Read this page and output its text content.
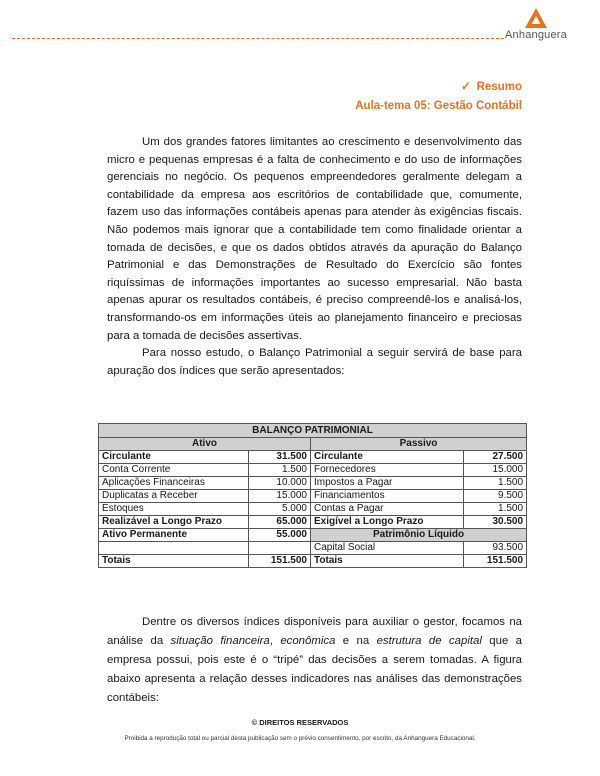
Anhanguera
✓ Resumo
Aula-tema 05: Gestão Contábil

Um dos grandes fatores limitantes ao crescimento e desenvolvimento das micro e pequenas empresas é a falta de conhecimento e do uso de informações gerenciais no negócio. Os pequenos empreendedores geralmente delegam a contabilidade da empresa aos escritórios de contabilidade que, comumente, fazem uso das informações contábeis apenas para atender às exigências fiscais. Não podemos mais ignorar que a contabilidade tem como finalidade orientar a tomada de decisões, e que os dados obtidos através da apuração do Balanço Patrimonial e das Demonstrações de Resultado do Exercício são fontes riquíssimas de informações importantes ao sucesso empresarial. Não basta apenas apurar os resultados contábeis, é preciso compreendê-los e analisá-los, transformando-os em informações úteis ao planejamento financeiro e preciosas para a tomada de decisões assertivas.

Para nosso estudo, o Balanço Patrimonial a seguir servirá de base para apuração dos índices que serão apresentados:

BALANÇO PATRIMONIAL			
Ativo		Passivo	
Circulante	31.500	Circulante	27.500
Conta Corrente	1.500	Fornecedores	15.000
Aplicações Financeiras	10.000	Impostos a Pagar	1.500
Duplicatas a Receber	15.000	Financiamentos	9.500
Estoques	5.000	Contas a Pagar	1.500
Realizável a Longo Prazo	65.000	Exigível a Longo Prazo	30.500
Ativo Permanente	55.000	Patrimônio Líquido	
		Capital Social	93.500
Totais	151.500	Totais	151.500

Dentre os diversos índices disponíveis para auxiliar o gestor, focamos na análise da situação financeira, econômica e na estrutura de capital que a empresa possui, pois este é o “tripé” das decisões a serem tomadas. A figura abaixo apresenta a relação desses indicadores nas análises das demonstrações contábeis:

© DIREITOS RESERVADOS
Proibida a reprodução total ou parcial desta publicação sem o prévio consentimento, por escrito, da Anhanguera Educacional.
